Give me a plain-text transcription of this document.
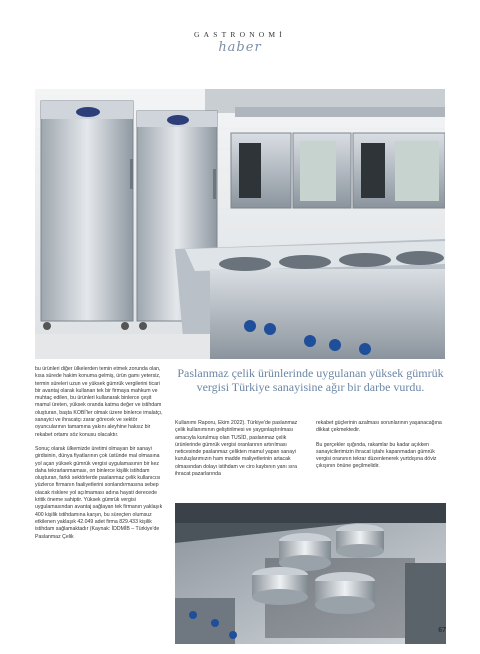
GASTRONOMİ
haber

bu ürünleri diğer ülkelerden temin etmek zorunda olan, kısa sürede hakim konuma gelmiş, ürün gamı yetersiz, termin süreleri uzun ve yüksek gümrük vergilerini ticari bir avantaj olarak kullanan tek bir firmaya mahkum ve muhtaç edilen, bu ürünleri kullanarak binlerce çeşit mamul üreten, yüksek oranda katma değer ve istihdam oluşturan, başta KOBİ'ler olmak üzere binlerce imalatçı, sanayici ve ihracatçı zarar görecek ve sektör oyuncularının tamamına yakını aleyhine haksız bir rekabet ortamı söz konusu olacaktır.

Sonuç olarak ülkemizde üretimi olmayan bir sanayi girdisinin, dünya fiyatlarının çok üstünde mal olmasına yol açan yüksek gümrük vergisi uygulamasının bir kez daha tekrarlanmaması, on binlerce kişilik istihdam oluşturan, farklı sektörlerde paslanmaz çelik kullanıcısı yüzlerce firmanın faaliyetlerini sonlandırmasına sebep olacak risklere yol açılmaması adına hayati derecede kritik öneme sahiptir. Yüksek gümrük vergisi uygulamasından avantaj sağlayan tek firmanın yaklaşık 400 kişilik istihdamına karşın, bu süreçten olumsuz etkilenen yaklaşık 42.049 adet firma 829.433 kişilik istihdam sağlamaktadır (Kaynak: İDDMİB – Türkiye'de Paslanmaz Çelik

Paslanmaz çelik ürünlerinde uygulanan yüksek gümrük vergisi Türkiye sanayisine ağır bir darbe vurdu.

Kullanımı Raporu, Ekim 2022). Türkiye'de paslanmaz çelik kullanımının geliştirilmesi ve yaygınlaştırılması amacıyla kurulmuş olan TUSİD, paslanmaz çelik ürünlerinde gümrük vergisi oranlarının artırılması neticesinde paslanmaz çelikten mamul yapan sanayi kuruluşlarımızın ham madde maliyetlerinin artacak olmasından dolayı istihdam ve ciro kaybının yanı sıra ihracat pazarlarında

rekabet güçlerinin azalması sorunlarının yaşanacağına dikkat çekmektedir.

Bu gerçekler ışığında, rakamlar bu kadar açıkken sanayicilerimizin ihracat iştahı kapanmadan gümrük vergisi oranının tekrar düzenlenerek yurtdışına döviz çıkışının önüne geçilmelidir.

67
